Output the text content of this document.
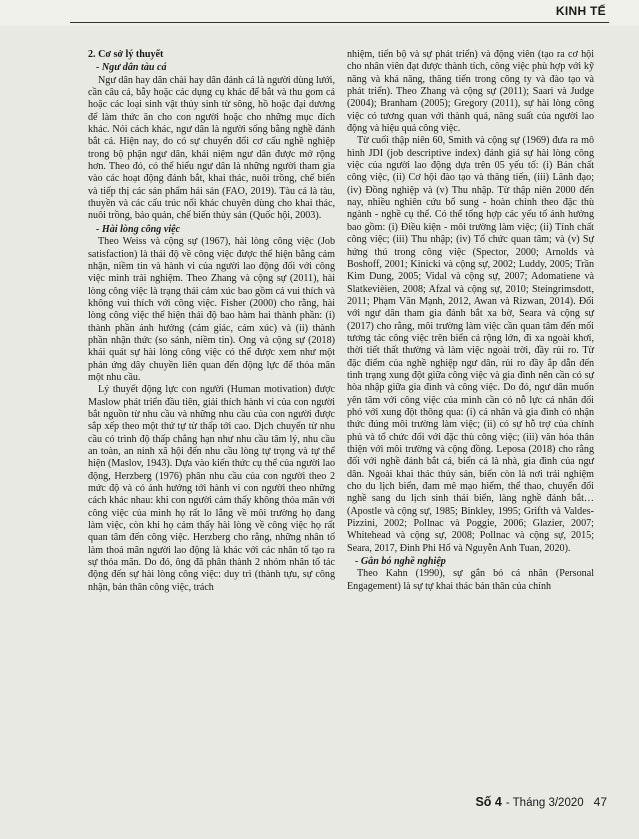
KINH TẾ

2. Cơ sở lý thuyết

- Ngư dân tàu cá

Ngư dân hay dân chài hay dân đánh cá là người dùng lưới, cần câu cá, bẫy hoặc các dụng cụ khác để bắt và thu gom cá hoặc các loại sinh vật thủy sinh từ sông, hồ hoặc đại dương để làm thức ăn cho con người hoặc cho những mục đích khác. Nói cách khác, ngư dân là người sống bằng nghề đánh bắt cá. Hiện nay, do có sự chuyển đổi cơ cấu nghề nghiệp trong bộ phận ngư dân, khái niệm ngư dân được mở rộng hơn. Theo đó, có thể hiểu ngư dân là những người tham gia vào các hoạt động đánh bắt, khai thác, nuôi trồng, chế biến và tiếp thị các sản phẩm hải sản (FAO, 2019). Tàu cá là tàu, thuyền và các cấu trúc nổi khác chuyên dùng cho khai thác, nuôi trồng, bảo quản, chế biến thủy sản (Quốc hội, 2003).

- Hài lòng công việc

Theo Weiss và cộng sự (1967), hài lòng công việc (Job satisfaction) là thái độ về công việc được thể hiện bằng cảm nhận, niềm tin và hành vi của người lao động đối với công việc mình trải nghiệm. Theo Zhang và cộng sự (2011), hài lòng công việc là trạng thái cảm xúc bao gồm cả vui thích và không vui thích với công việc. Fisher (2000) cho rằng, hài lòng công việc thể hiện thái độ bao hàm hai thành phần: (i) thành phần ảnh hưởng (cảm giác, cảm xúc) và (ii) thành phần nhận thức (so sánh, niềm tin). Ong và cộng sự (2018) khái quát sự hài lòng công việc có thể được xem như một phản ứng dây chuyền liên quan đến động lực để thỏa mãn một nhu cầu.

Lý thuyết động lực con người (Human motivation) được Maslow phát triển đầu tiên, giải thích hành vi của con người bắt nguồn từ nhu cầu và những nhu cầu của con người được sắp xếp theo một thứ tự từ thấp tới cao. Dịch chuyển từ nhu cầu có trình độ thấp chẳng hạn như nhu cầu tâm lý, nhu cầu an toàn, an ninh xã hội đến nhu cầu lòng tự trọng và tự thể hiện (Maslov, 1943). Dựa vào kiến thức cụ thể của người lao động, Herzberg (1976) phân nhu cầu của con người theo 2 mức độ và có ảnh hưởng tới hành vi con người theo những cách khác nhau: khi con người cảm thấy không thỏa mãn với công việc của mình họ rất lo lắng về môi trường họ đang làm việc, còn khi họ cảm thấy hài lòng về công việc họ rất quan tâm đến công việc. Herzberg cho rằng, những nhân tố làm thoả mãn người lao động là khác với các nhân tố tạo ra sự thỏa mãn. Do đó, ông đã phân thành 2 nhóm nhân tố tác động đến sự hài lòng công việc: duy trì (thành tựu, sự công nhận, bản thân công việc, trách

nhiệm, tiến bộ và sự phát triển) và động viên (tạo ra cơ hội cho nhân viên đạt được thành tích, công việc phù hợp với kỹ năng và khả năng, thăng tiến trong công ty và đào tạo và phát triển). Theo Zhang và cộng sự (2011); Saari và Judge (2004); Branham (2005); Gregory (2011), sự hài lòng công việc có tương quan với thành quả, năng suất của người lao động và hiệu quả công việc.

Từ cuối thập niên 60, Smith và cộng sự (1969) đưa ra mô hình JDI (job descriptive index) đánh giá sự hài lòng công việc của người lao động dựa trên 05 yếu tố: (i) Bản chất công việc, (ii) Cơ hội đào tạo và thăng tiến, (iii) Lãnh đạo; (iv) Đồng nghiệp và (v) Thu nhập. Từ thập niên 2000 đến nay, nhiều nghiên cứu bổ sung - hoàn chỉnh theo đặc thù ngành - nghề cụ thể. Có thể tổng hợp các yếu tố ảnh hưởng bao gồm: (i) Điều kiện - môi trường làm việc; (ii) Tính chất công việc; (iii) Thu nhập; (iv) Tổ chức quan tâm; và (v) Sự hứng thú trong công việc (Spector, 2000; Arnolds và Boshoff, 2001; Kinicki và cộng sự, 2002; Luddy, 2005; Trần Kim Dung, 2005; Vidal và cộng sự, 2007; Adomatiene và Slatkevièien, 2008; Afzal và cộng sự, 2010; Steingrimsdott, 2011; Phạm Văn Mạnh, 2012, Awan và Rizwan, 2014). Đối với ngư dân tham gia đánh bắt xa bờ, Seara và cộng sự (2017) cho rằng, môi trường làm việc cần quan tâm đến mối tương tác công việc trên biển cả rộng lớn, đi xa ngoài khơi, thời tiết thất thường và làm việc ngoài trời, đầy rủi ro. Từ đặc điểm của nghề nghiệp ngư dân, rủi ro đầy ắp dẫn đến tình trạng xung đột giữa công việc và gia đình nên cần có sự hòa nhập giữa gia đình và công việc. Do đó, ngư dân muốn yên tâm với công việc của mình cần có nỗ lực cá nhân đối phó với xung đột thông qua: (i) cá nhân và gia đình có nhận thức đúng môi trường làm việc; (ii) có sự hỗ trợ của chính phủ và tổ chức đối với đặc thù công việc; (iii) văn hóa thân thiện với môi trường và cộng đồng. Leposa (2018) cho rằng đối với nghề đánh bắt cá, biển cả là nhà, gia đình của ngư dân. Ngoài khai thác thủy sản, biển còn là nơi trải nghiệm cho du lịch biển, đam mê mạo hiểm, thể thao, chuyển đổi nghề sang du lịch sinh thái biển, làng nghề đánh bắt… (Apostle và cộng sự, 1985; Binkley, 1995; Grifth và Valdes-Pizzini, 2002; Pollnac và Poggie, 2006; Glazier, 2007; Whitehead và cộng sự, 2008; Pollnac và cộng sự, 2015; Seara, 2017, Đinh Phi Hổ và Nguyễn Anh Tuan, 2020).

- Gắn bó nghề nghiệp

Theo Kahn (1990), sự gắn bó cá nhân (Personal Engagement) là sự tự khai thác bản thân của chính

Số 4 - Tháng 3/2020 47
